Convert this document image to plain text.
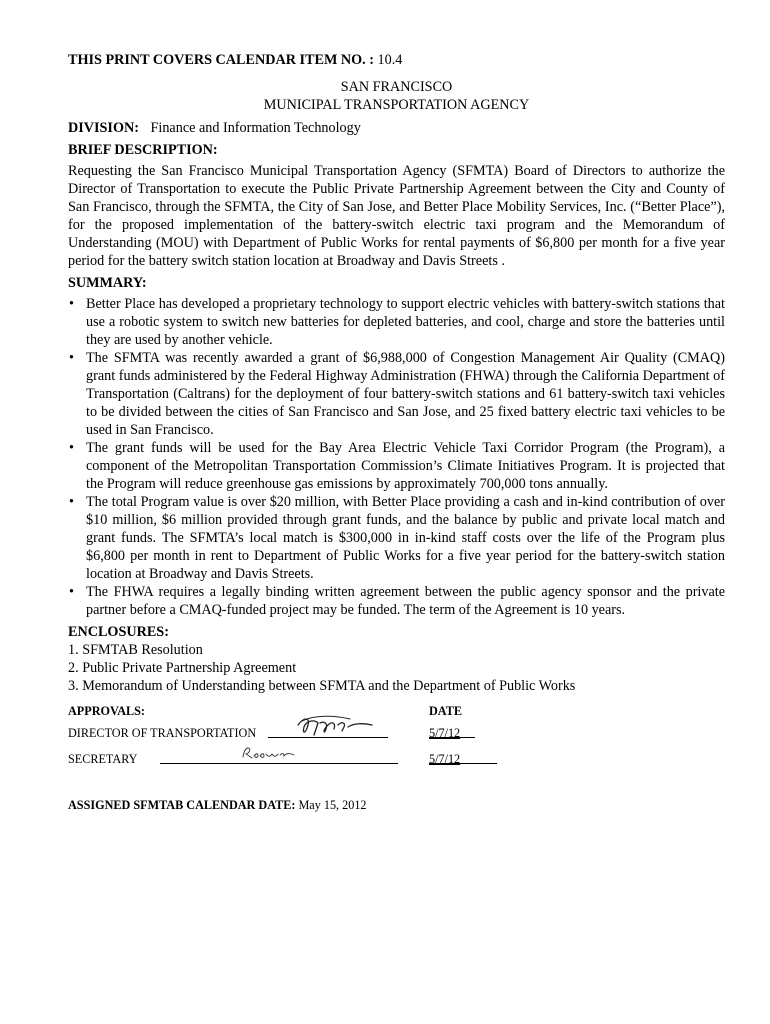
THIS PRINT COVERS CALENDAR ITEM NO. : 10.4
SAN FRANCISCO
MUNICIPAL TRANSPORTATION AGENCY
DIVISION: Finance and Information Technology
BRIEF DESCRIPTION:
Requesting the San Francisco Municipal Transportation Agency (SFMTA) Board of Directors to authorize the Director of Transportation to execute the Public Private Partnership Agreement between the City and County of San Francisco, through the SFMTA, the City of San Jose, and Better Place Mobility Services, Inc. (“Better Place”), for the proposed implementation of the battery-switch electric taxi program and the Memorandum of Understanding (MOU) with Department of Public Works for rental payments of $6,800 per month for a five year period for the battery switch station location at Broadway and Davis Streets .
SUMMARY:
• Better Place has developed a proprietary technology to support electric vehicles with battery-switch stations that use a robotic system to switch new batteries for depleted batteries, and cool, charge and store the batteries until they are used by another vehicle.
• The SFMTA was recently awarded a grant of $6,988,000 of Congestion Management Air Quality (CMAQ) grant funds administered by the Federal Highway Administration (FHWA) through the California Department of Transportation (Caltrans) for the deployment of four battery-switch stations and 61 battery-switch taxi vehicles to be divided between the cities of San Francisco and San Jose, and 25 fixed battery electric taxi vehicles to be used in San Francisco.
• The grant funds will be used for the Bay Area Electric Vehicle Taxi Corridor Program (the Program), a component of the Metropolitan Transportation Commission’s Climate Initiatives Program. It is projected that the Program will reduce greenhouse gas emissions by approximately 700,000 tons annually.
• The total Program value is over $20 million, with Better Place providing a cash and in-kind contribution of over $10 million, $6 million provided through grant funds, and the balance by public and private local match and grant funds. The SFMTA’s local match is $300,000 in in-kind staff costs over the life of the Program plus $6,800 per month in rent to Department of Public Works for a five year period for the battery-switch station location at Broadway and Davis Streets.
• The FHWA requires a legally binding written agreement between the public agency sponsor and the private partner before a CMAQ-funded project may be funded. The term of the Agreement is 10 years.
ENCLOSURES:
1. SFMTAB Resolution
2. Public Private Partnership Agreement
3. Memorandum of Understanding between SFMTA and the Department of Public Works
APPROVALS:	DATE
DIRECTOR OF TRANSPORTATION	5/7/12
SECRETARY	5/7/12
ASSIGNED SFMTAB CALENDAR DATE: May 15, 2012
